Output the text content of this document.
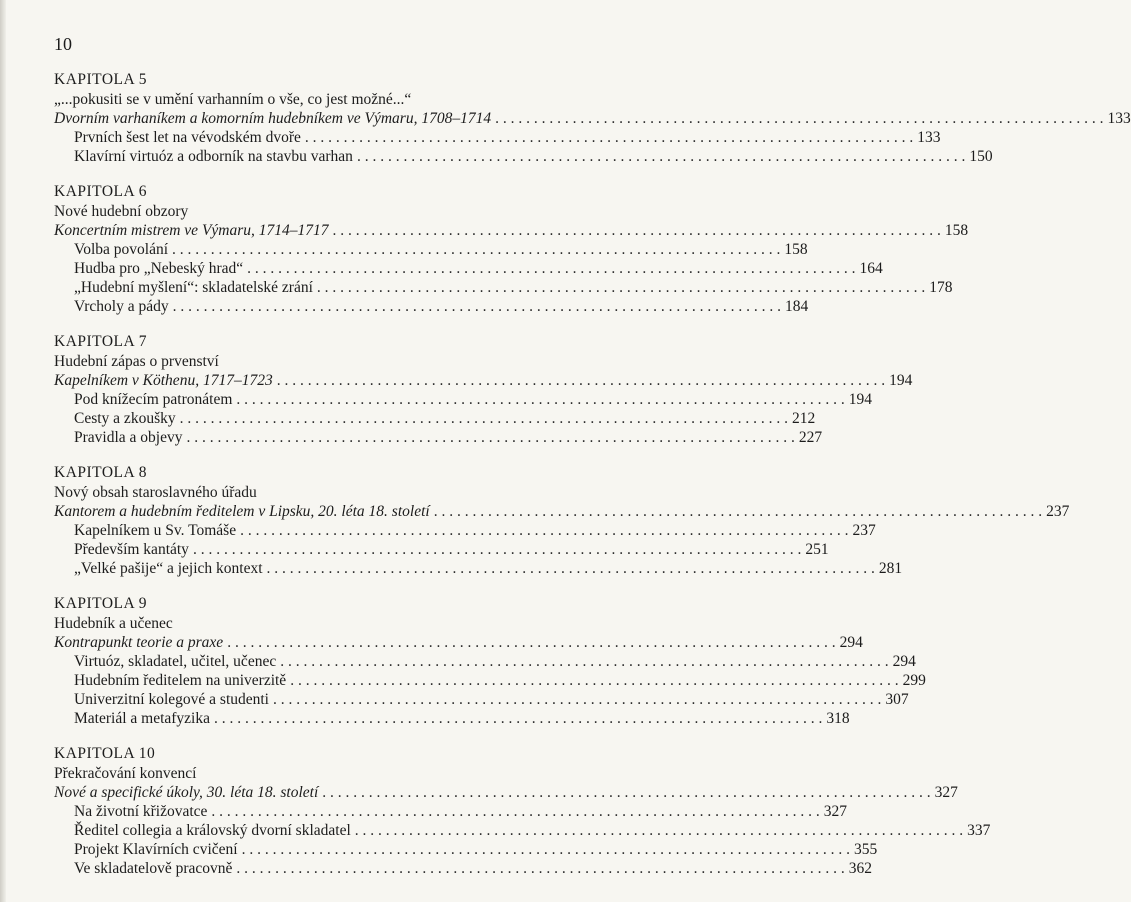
10
KAPITOLA 5
„...pokusiti se v umění varhanním o vše, co jest možné...“
Dvorním varhaníkem a komorním hudebníkem ve Výmaru, 1708–1714 . . .	133
Prvních šest let na vévodském dvoře . . .	133
Klavírní virtuóz a odborník na stavbu varhan . . .	150
KAPITOLA 6
Nové hudební obzory
Koncertním mistrem ve Výmaru, 1714–1717 . . .	158
Volba povolání . . .	158
Hudba pro „Nebeský hrad“ . . .	164
„Hudební myšlení“: skladatelské zrání . . .	178
Vrcholy a pády . . .	184
KAPITOLA 7
Hudební zápas o prvenství
Kapelníkem v Köthenu, 1717–1723 . . .	194
Pod knížecím patronátem . . .	194
Cesty a zkoušky . . .	212
Pravidla a objevy . . .	227
KAPITOLA 8
Nový obsah staroslavného úřadu
Kantorem a hudebním ředitelem v Lipsku, 20. léta 18. století . . .	237
Kapelníkem u Sv. Tomáše . . .	237
Především kantáty . . .	251
„Velké pašije“ a jejich kontext . . .	281
KAPITOLA 9
Hudebník a učenec
Kontrapunkt teorie a praxe . . .	294
Virtuóz, skladatel, učitel, učenec . . .	294
Hudebním ředitelem na univerzitě . . .	299
Univerzitní kolegové a studenti . . .	307
Materiál a metafyzika . . .	318
KAPITOLA 10
Překračování konvencí
Nové a specifické úkoly, 30. léta 18. století . . .	327
Na životní křižovatce . . .	327
Ředitel collegia a královský dvorní skladatel . . .	337
Projekt Klavírních cvičení . . .	355
Ve skladatelově pracovně . . .	362
